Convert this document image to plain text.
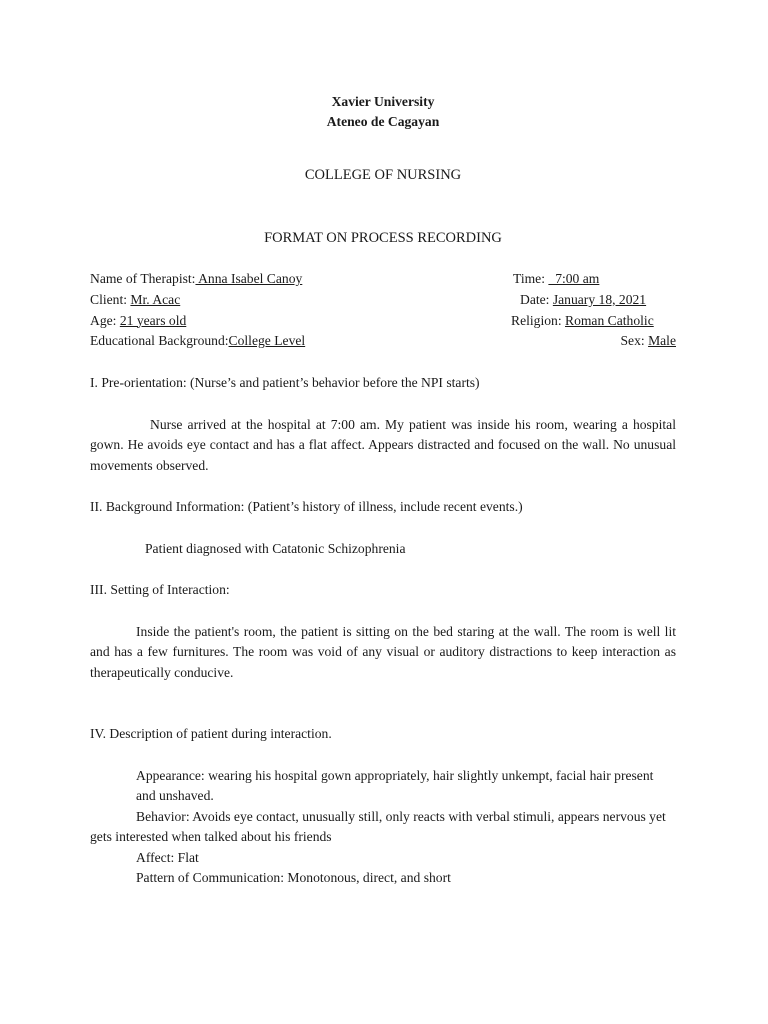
Xavier University
Ateneo de Cagayan
COLLEGE OF NURSING
FORMAT ON PROCESS RECORDING
Name of Therapist: Anna Isabel Canoy	Time:   7:00 am
Client: Mr. Acac	Date: January 18, 2021
Age: 21 years old	Religion: Roman Catholic
Educational Background:College Level	Sex: Male
I. Pre-orientation: (Nurse’s and patient’s behavior before the NPI starts)
Nurse arrived at the hospital at 7:00 am. My patient was inside his room, wearing a hospital gown. He avoids eye contact and has a flat affect. Appears distracted and focused on the wall. No unusual movements observed.
II. Background Information: (Patient’s history of illness, include recent events.)
Patient diagnosed with Catatonic Schizophrenia
III. Setting of Interaction:
Inside the patient's room, the patient is sitting on the bed staring at the wall. The room is well lit and has a few furnitures. The room was void of any visual or auditory distractions to keep interaction as therapeutically conducive.
IV. Description of patient during interaction.
Appearance: wearing his hospital gown appropriately, hair slightly unkempt, facial hair present and unshaved.
Behavior: Avoids eye contact, unusually still, only reacts with verbal stimuli, appears nervous yet gets interested when talked about his friends
Affect: Flat
Pattern of Communication: Monotonous, direct, and short
